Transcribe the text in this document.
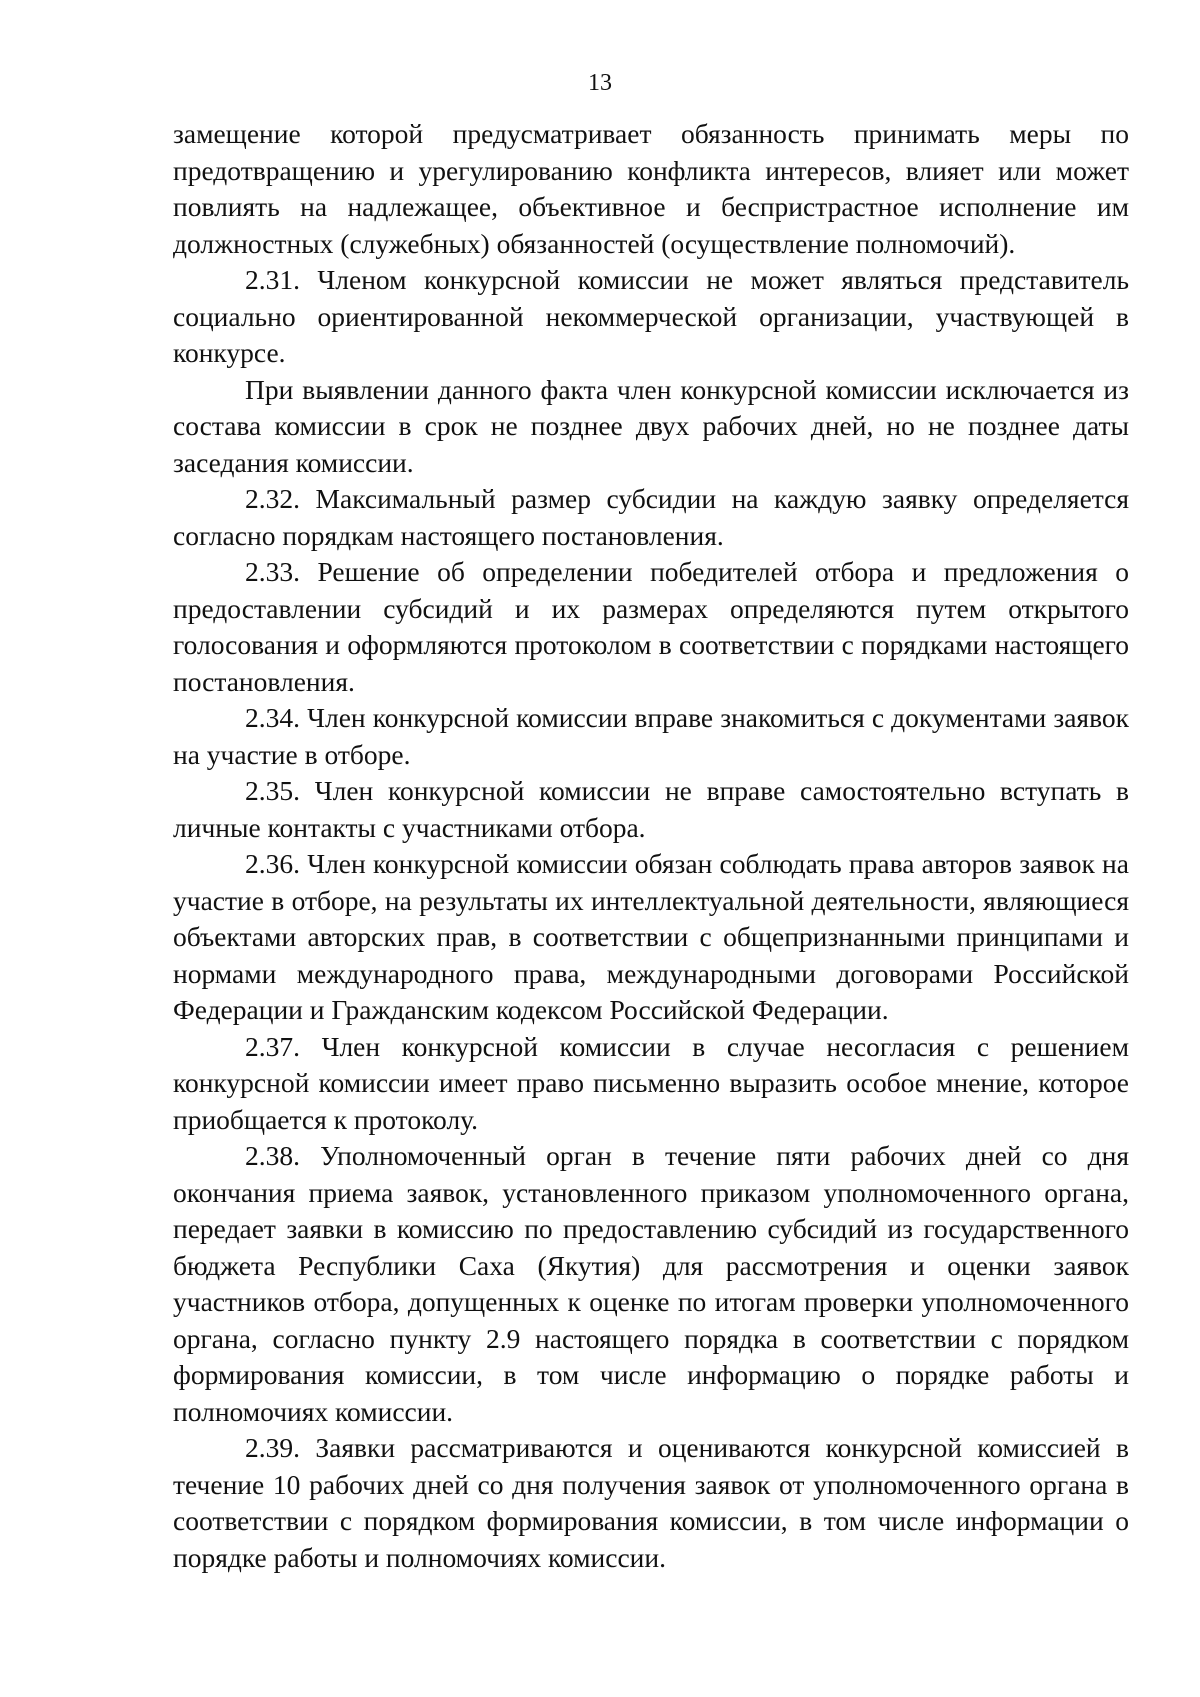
13

замещение которой предусматривает обязанность принимать меры по предотвращению и урегулированию конфликта интересов, влияет или может повлиять на надлежащее, объективное и беспристрастное исполнение им должностных (служебных) обязанностей (осуществление полномочий).

2.31. Членом конкурсной комиссии не может являться представитель социально ориентированной некоммерческой организации, участвующей в конкурсе.

При выявлении данного факта член конкурсной комиссии исключается из состава комиссии в срок не позднее двух рабочих дней, но не позднее даты заседания комиссии.

2.32. Максимальный размер субсидии на каждую заявку определяется согласно порядкам настоящего постановления.

2.33. Решение об определении победителей отбора и предложения о предоставлении субсидий и их размерах определяются путем открытого голосования и оформляются протоколом в соответствии с порядками настоящего постановления.

2.34. Член конкурсной комиссии вправе знакомиться с документами заявок на участие в отборе.

2.35. Член конкурсной комиссии не вправе самостоятельно вступать в личные контакты с участниками отбора.

2.36. Член конкурсной комиссии обязан соблюдать права авторов заявок на участие в отборе, на результаты их интеллектуальной деятельности, являющиеся объектами авторских прав, в соответствии с общепризнанными принципами и нормами международного права, международными договорами Российской Федерации и Гражданским кодексом Российской Федерации.

2.37. Член конкурсной комиссии в случае несогласия с решением конкурсной комиссии имеет право письменно выразить особое мнение, которое приобщается к протоколу.

2.38. Уполномоченный орган в течение пяти рабочих дней со дня окончания приема заявок, установленного приказом уполномоченного органа, передает заявки в комиссию по предоставлению субсидий из государственного бюджета Республики Саха (Якутия) для рассмотрения и оценки заявок участников отбора, допущенных к оценке по итогам проверки уполномоченного органа, согласно пункту 2.9 настоящего порядка в соответствии с порядком формирования комиссии, в том числе информацию о порядке работы и полномочиях комиссии.

2.39. Заявки рассматриваются и оцениваются конкурсной комиссией в течение 10 рабочих дней со дня получения заявок от уполномоченного органа в соответствии с порядком формирования комиссии, в том числе информации о порядке работы и полномочиях комиссии.
